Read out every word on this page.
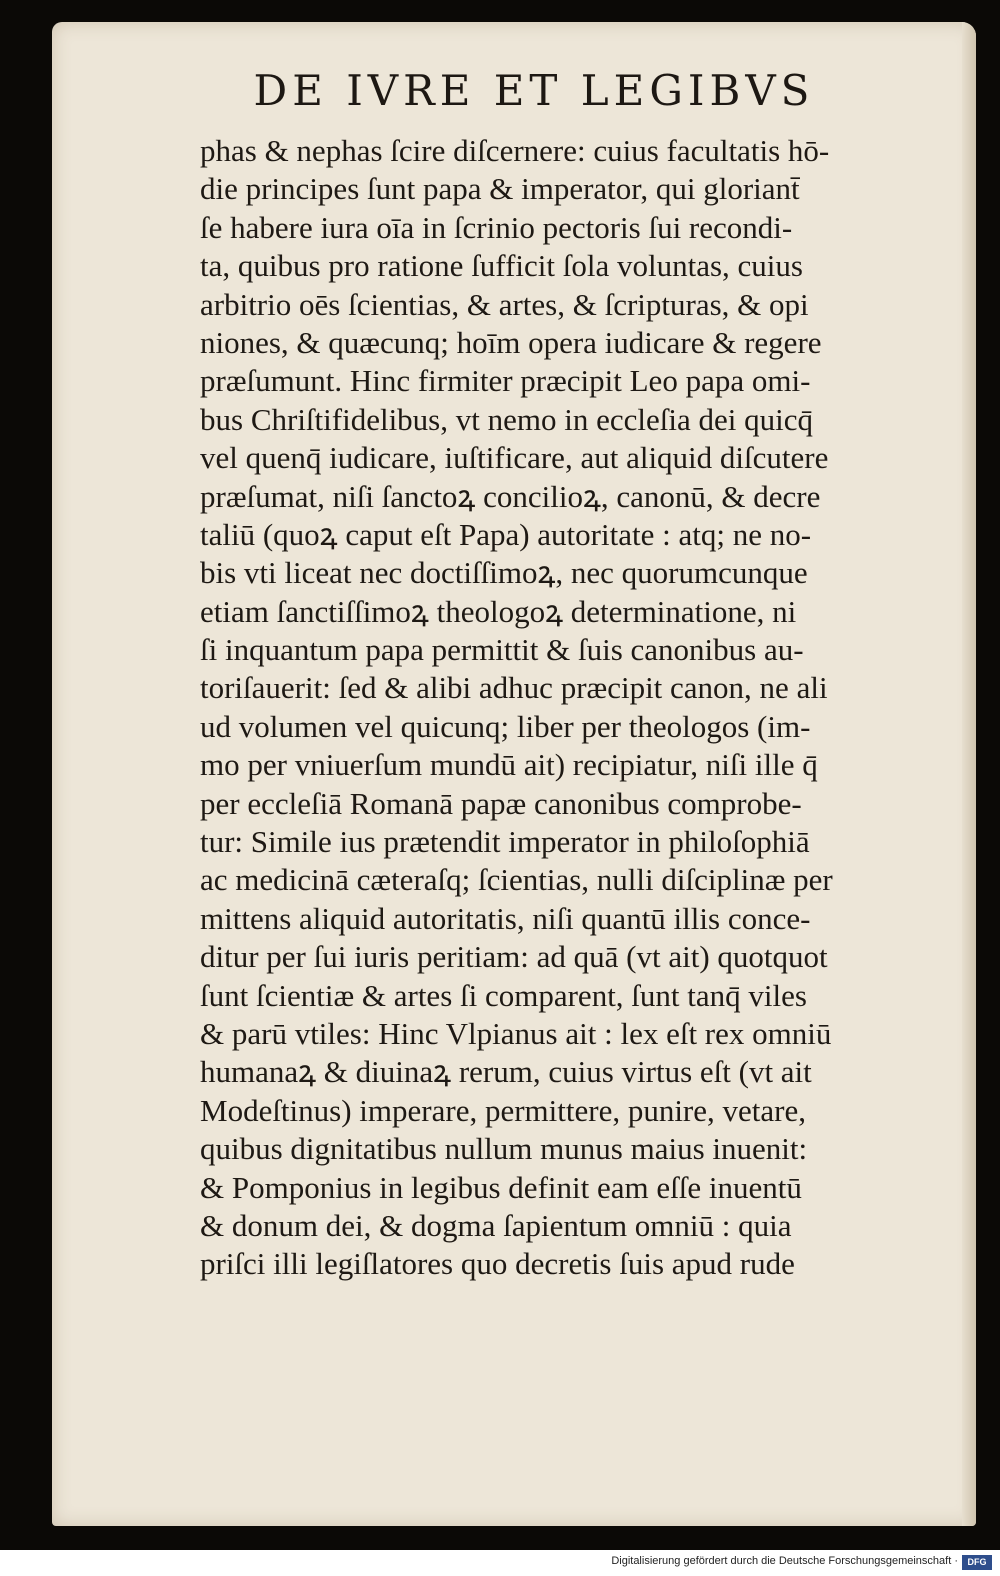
DE IVRE ET LEGIBVS
phas & nephas ſcire diſcernere: cuius facultatis hō-
die principes ſunt papa & imperator, qui gloriant̄
ſe habere iura oīa in ſcrinio pectoris ſui recondi-
ta, quibus pro ratione ſufficit ſola voluntas, cuius
arbitrio oēs ſcientias, & artes, & ſcripturas, & opi
niones, & quæcunq; hoīm opera iudicare & regere
præſumunt. Hinc firmiter præcipit Leo papa omi-
bus Chriſtifidelibus, vt nemo in eccleſia dei quicq̄
vel quenq̄ iudicare, iuſtificare, aut aliquid diſcutere
præſumat, niſi ſanctoꝝ concilioꝝ, canonū, & decre
taliū (quoꝝ caput eſt Papa) autoritate : atq; ne no-
bis vti liceat nec doctiſſimoꝝ, nec quorumcunque
etiam ſanctiſſimoꝝ theologoꝝ determinatione, ni
ſi inquantum papa permittit & ſuis canonibus au-
toriſauerit: ſed & alibi adhuc præcipit canon, ne ali
ud volumen vel quicunq; liber per theologos (im-
mo per vniuerſum mundū ait) recipiatur, niſi ille q̄
per eccleſiā Romanā papæ canonibus comprobe-
tur: Simile ius prætendit imperator in philoſophiā
ac medicinā cæteraſq; ſcientias, nulli diſciplinæ per
mittens aliquid autoritatis, niſi quantū illis conce-
ditur per ſui iuris peritiam: ad quā (vt ait) quotquot
ſunt ſcientiæ & artes ſi comparent, ſunt tanq̄ viles
& parū vtiles: Hinc Vlpianus ait : lex eſt rex omniū
humanaꝝ & diuinaꝝ rerum, cuius virtus eſt (vt ait
Modeſtinus) imperare, permittere, punire, vetare,
quibus dignitatibus nullum munus maius inuenit:
& Pomponius in legibus definit eam eſſe inuentū
& donum dei, & dogma ſapientum omniū : quia
priſci illi legiſlatores quo decretis ſuis apud rude
Digitalisierung gefördert durch die Deutsche Forschungsgemeinschaft ·	DFG
